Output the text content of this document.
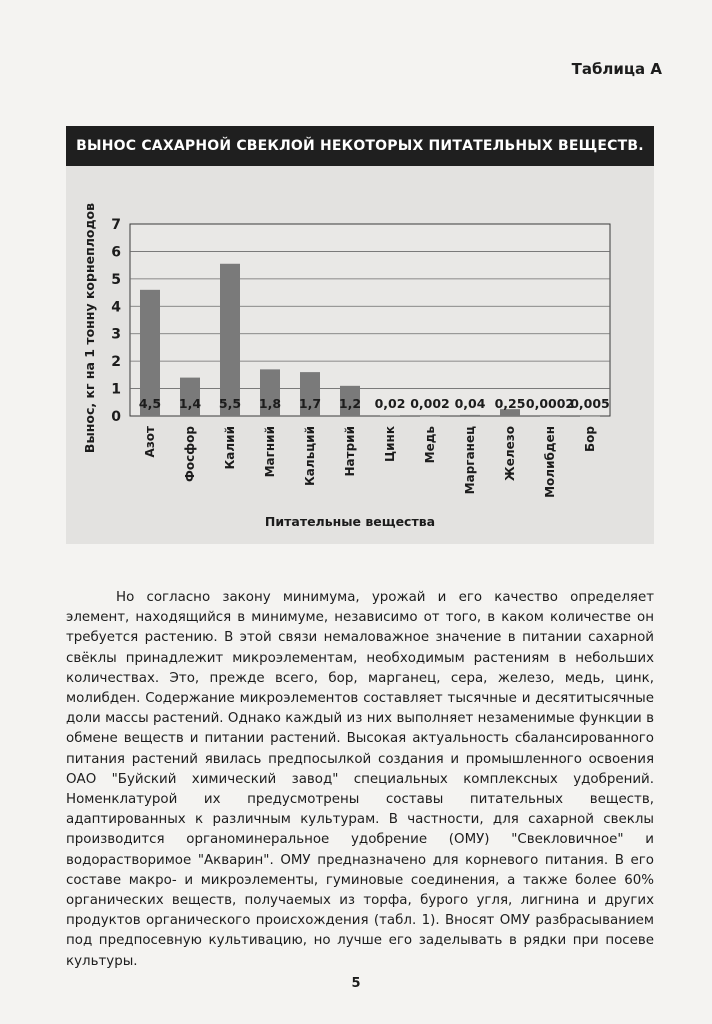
Таблица А
ВЫНОС САХАРНОЙ СВЕКЛОЙ НЕКОТОРЫХ ПИТАТЕЛЬНЫХ ВЕЩЕСТВ.
0
1
2
3
4
5
6
7
4,5
Азот
1,4
Фосфор
5,5
Калий
1,8
Магний
1,7
Кальций
1,2
Натрий
0,02
Цинк
0,002
Медь
0,04
Марганец
0,25
Железо
0,0002
Молибден
0,005
Бор
Вынос, кг на 1 тонну корнеплодов
Питательные вещества

Но согласно закону минимума, урожай и его качество определяет элемент, находящийся в минимуме, независимо от того, в каком количестве он требуется растению. В этой связи немаловажное значение в питании сахарной свёклы принадлежит микроэлементам, необходимым растениям в небольших количествах. Это, прежде всего, бор, марганец, сера, железо, медь, цинк, молибден. Содержание микроэлементов составляет тысячные и десятитысячные доли массы растений. Однако каждый из них выполняет незаменимые функции в обмене веществ и питании растений. Высокая актуальность сбалансированного питания растений явилась предпосылкой создания и промышленного освоения ОАО "Буйский химический завод" специальных комплексных удобрений. Номенклатурой их предусмотрены составы питательных веществ, адаптированных к различным культурам. В частности, для сахарной свеклы производится органоминеральное удобрение (ОМУ) "Свекловичное" и водорастворимое "Акварин". ОМУ предназначено для корневого питания. В его составе макро- и микроэлементы, гуминовые соединения, а также более 60% органических веществ, получаемых из торфа, бурого угля, лигнина и других продуктов органического происхождения (табл. 1). Вносят ОМУ разбрасыванием под предпосевную культивацию, но лучше его заделывать в рядки при посеве культуры.

5
